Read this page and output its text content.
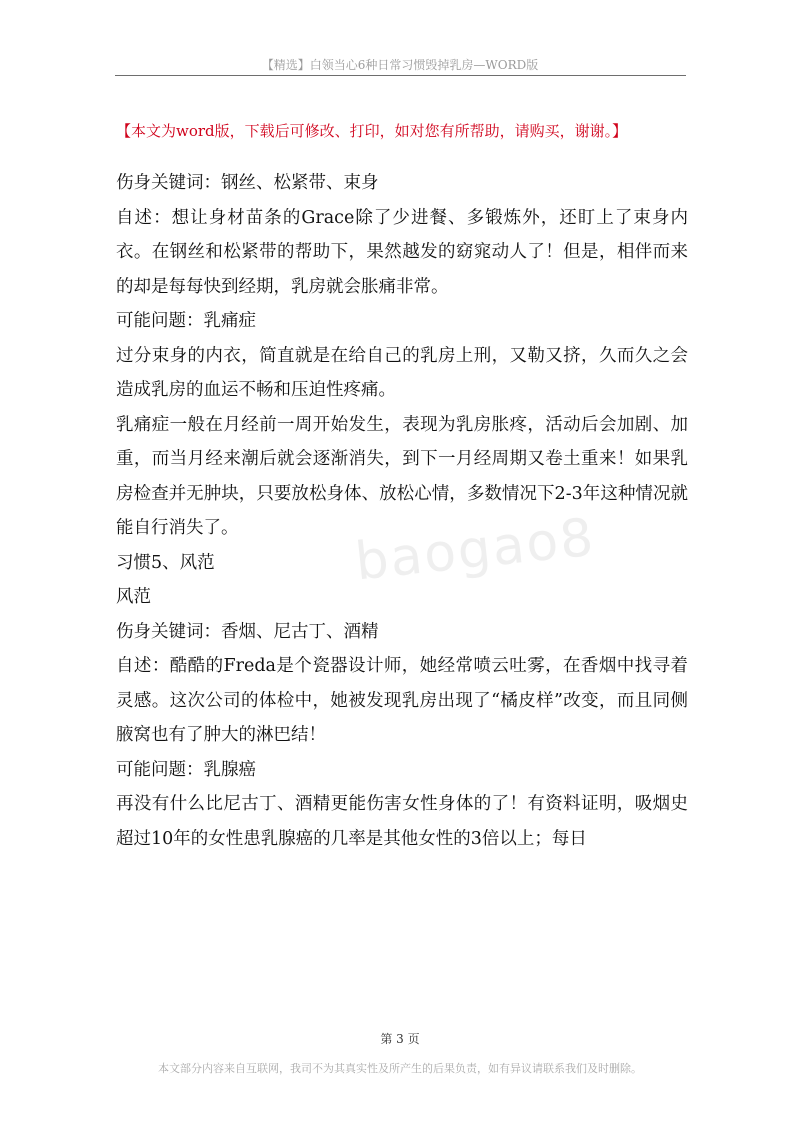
【精选】白领当心6种日常习惯毁掉乳房—WORD版
【本文为word版，下载后可修改、打印，如对您有所帮助，请购买，谢谢。】
baogao8

伤身关键词：钢丝、松紧带、束身

自述：想让身材苗条的Grace除了少进餐、多锻炼外，还盯上了束身内衣。在钢丝和松紧带的帮助下，果然越发的窈窕动人了！但是，相伴而来的却是每每快到经期，乳房就会胀痛非常。

可能问题：乳痛症

过分束身的内衣，简直就是在给自己的乳房上刑，又勒又挤，久而久之会造成乳房的血运不畅和压迫性疼痛。

乳痛症一般在月经前一周开始发生，表现为乳房胀疼，活动后会加剧、加重，而当月经来潮后就会逐渐消失，到下一月经周期又卷土重来！如果乳房检查并无肿块，只要放松身体、放松心情，多数情况下2-3年这种情况就能自行消失了。

习惯5、风范

风范

伤身关键词：香烟、尼古丁、酒精

自述：酷酷的Freda是个瓷器设计师，她经常喷云吐雾，在香烟中找寻着灵感。这次公司的体检中，她被发现乳房出现了“橘皮样”改变，而且同侧腋窝也有了肿大的淋巴结！

可能问题：乳腺癌

再没有什么比尼古丁、酒精更能伤害女性身体的了！有资料证明，吸烟史超过10年的女性患乳腺癌的几率是其他女性的3倍以上；每日

第 3 页
本文部分内容来自互联网，我司不为其真实性及所产生的后果负责，如有异议请联系我们及时删除。
